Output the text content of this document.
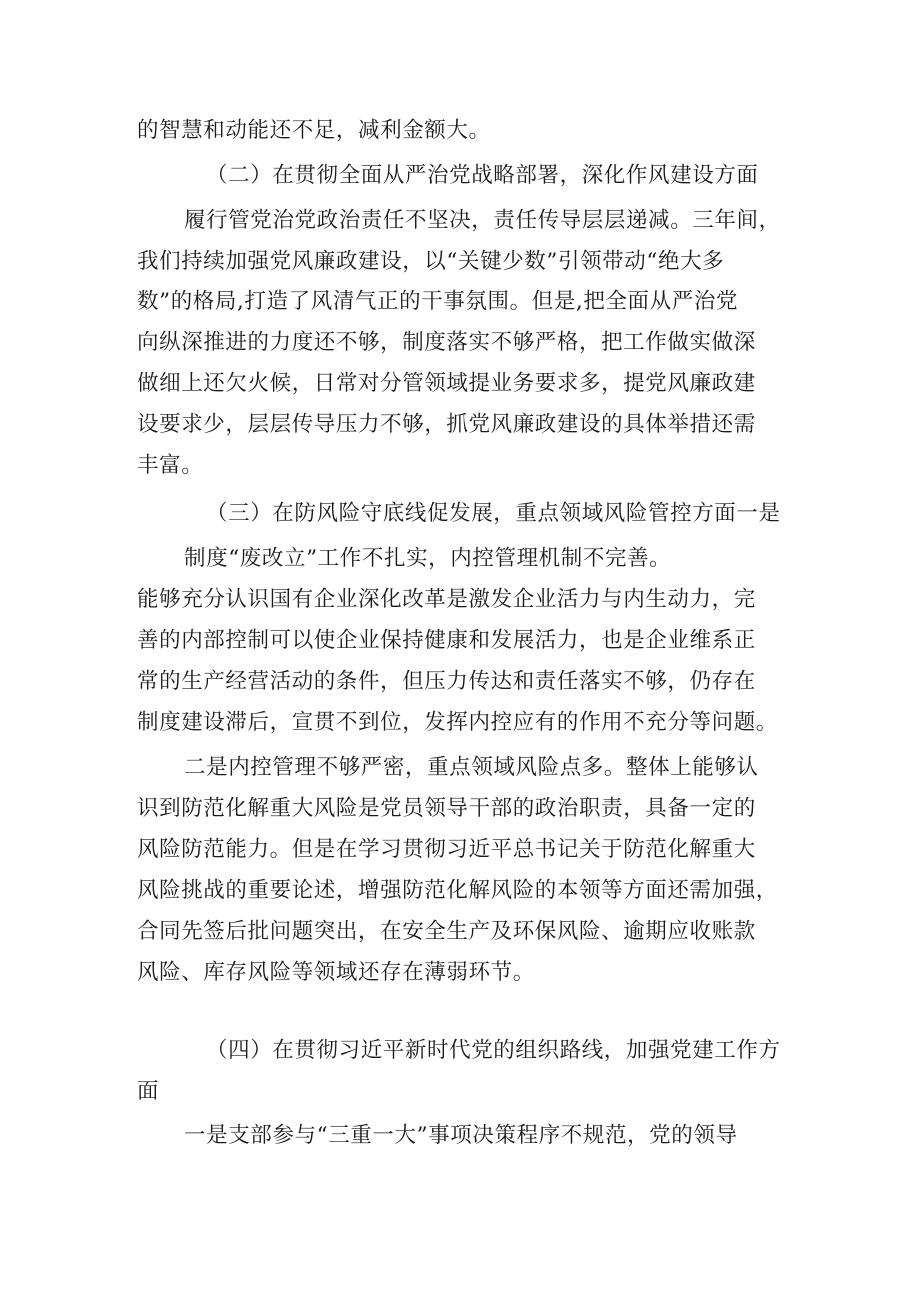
的智慧和动能还不足，减利金额大。
（二）在贯彻全面从严治党战略部署，深化作风建设方面
履行管党治党政治责任不坚决，责任传导层层递减。三年间，
我们持续加强党风廉政建设，以“关键少数”引领带动“绝大多
数”的格局,打造了风清气正的干事氛围。但是,把全面从严治党
向纵深推进的力度还不够，制度落实不够严格，把工作做实做深
做细上还欠火候，日常对分管领域提业务要求多，提党风廉政建
设要求少，层层传导压力不够，抓党风廉政建设的具体举措还需
丰富。
（三）在防风险守底线促发展，重点领域风险管控方面一是
制度“废改立”工作不扎实，内控管理机制不完善。
能够充分认识国有企业深化改革是激发企业活力与内生动力，完
善的内部控制可以使企业保持健康和发展活力，也是企业维系正
常的生产经营活动的条件，但压力传达和责任落实不够，仍存在
制度建设滞后，宣贯不到位，发挥内控应有的作用不充分等问题。
二是内控管理不够严密，重点领域风险点多。整体上能够认
识到防范化解重大风险是党员领导干部的政治职责，具备一定的
风险防范能力。但是在学习贯彻习近平总书记关于防范化解重大
风险挑战的重要论述，增强防范化解风险的本领等方面还需加强，
合同先签后批问题突出，在安全生产及环保风险、逾期应收账款
风险、库存风险等领域还存在薄弱环节。
（四）在贯彻习近平新时代党的组织路线，加强党建工作方
面
一是支部参与“三重一大”事项决策程序不规范，党的领导
